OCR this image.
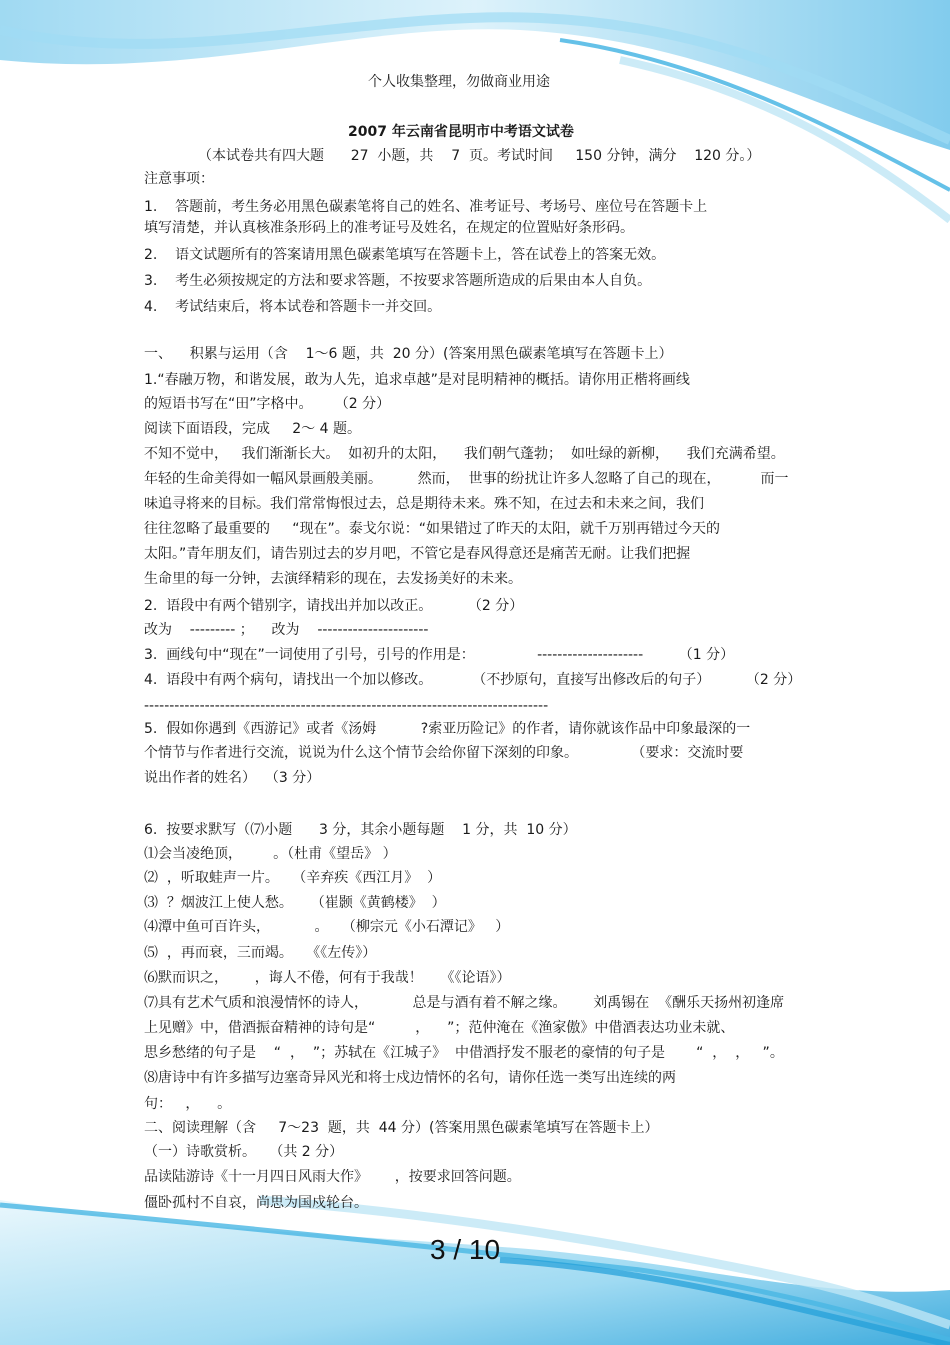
个人收集整理，勿做商业用途
2007 年云南省昆明市中考语文试卷
（本试卷共有四大题      27  小题，共    7  页。考试时间     150 分钟，满分    120 分。）
注意事项：
1.    答题前，考生务必用黑色碳素笔将自己的姓名、准考证号、考场号、座位号在答题卡上
填写清楚，并认真核准条形码上的准考证号及姓名，在规定的位置贴好条形码。
2.    语文试题所有的答案请用黑色碳素笔填写在答题卡上，答在试卷上的答案无效。
3.    考生必须按规定的方法和要求答题，不按要求答题所造成的后果由本人自负。
4.    考试结束后，将本试卷和答题卡一并交回。
一、    积累与运用（含    1～6 题，共  20 分）(答案用黑色碳素笔填写在答题卡上）
1.“春融万物，和谐发展，敢为人先，追求卓越”是对昆明精神的概括。请你用正楷将画线
的短语书写在“田”字格中。     （2 分）
阅读下面语段，完成     2～ 4 题。
不知不觉中，   我们渐渐长大。  如初升的太阳，    我们朝气蓬勃；  如吐绿的新柳，    我们充满希望。
年轻的生命美得如一幅风景画般美丽。        然而，  世事的纷扰让许多人忽略了自己的现在，         而一
味追寻将来的目标。我们常常悔恨过去，总是期待未来。殊不知，在过去和未来之间，我们
往往忽略了最重要的     “现在”。泰戈尔说：“如果错过了昨天的太阳，就千万别再错过今天的
太阳。”青年朋友们，请告别过去的岁月吧，不管它是春风得意还是痛苦无耐。让我们把握
生命里的每一分钟，去演绎精彩的现在，去发扬美好的未来。
2.  语段中有两个错别字，请找出并加以改正。        （2 分）
改为    --------- ；    改为    ----------------------
3.  画线句中“现在”一词使用了引号，引号的作用是：              ---------------------        （1 分）
4.  语段中有两个病句，请找出一个加以修改。         （不抄原句，直接写出修改后的句子）        （2 分）
--------------------------------------------------------------------------------
5.  假如你遇到《西游记》或者《汤姆          ?索亚历险记》的作者，请你就该作品中印象最深的一
个情节与作者进行交流，说说为什么这个情节会给你留下深刻的印象。            （要求：交流时要
说出作者的姓名）  （3 分）
6.  按要求默写（⑺小题      3 分，其余小题每题    1 分，共  10 分）
⑴会当凌绝顶，       。（杜甫《望岳》 ）
⑵  ，听取蛙声一片。   （辛弃疾《西江月》  ）
⑶  ？烟波江上使人愁。    （崔颢《黄鹤楼》  ）
⑷潭中鱼可百许头，          。   （柳宗元《小石潭记》   ）
⑸  ，再而衰，三而竭。   《《左传》）
⑹默而识之，      ，诲人不倦，何有于我哉！    《《论语》）
⑺具有艺术气质和浪漫情怀的诗人，          总是与酒有着不解之缘。      刘禹锡在  《酬乐天扬州初逢席
上见赠》中，借酒振奋精神的诗句是“         ，    ”；范仲淹在《渔家傲》中借酒表达功业未就、
思乡愁绪的句子是    “  ，  ”；苏轼在《江城子》  中借酒抒发不服老的豪情的句子是       “  ，  ，   ”。
⑻唐诗中有许多描写边塞奇异风光和将士戍边情怀的名句，请你任选一类写出连续的两
句：   ，    。
二、阅读理解（含     7～23  题，共  44 分）(答案用黑色碳素笔填写在答题卡上）
（一）诗歌赏析。   （共 2 分）
品读陆游诗《十一月四日风雨大作》      ，按要求回答问题。
僵卧孤村不自哀，尚思为国戍轮台。
3 / 10
